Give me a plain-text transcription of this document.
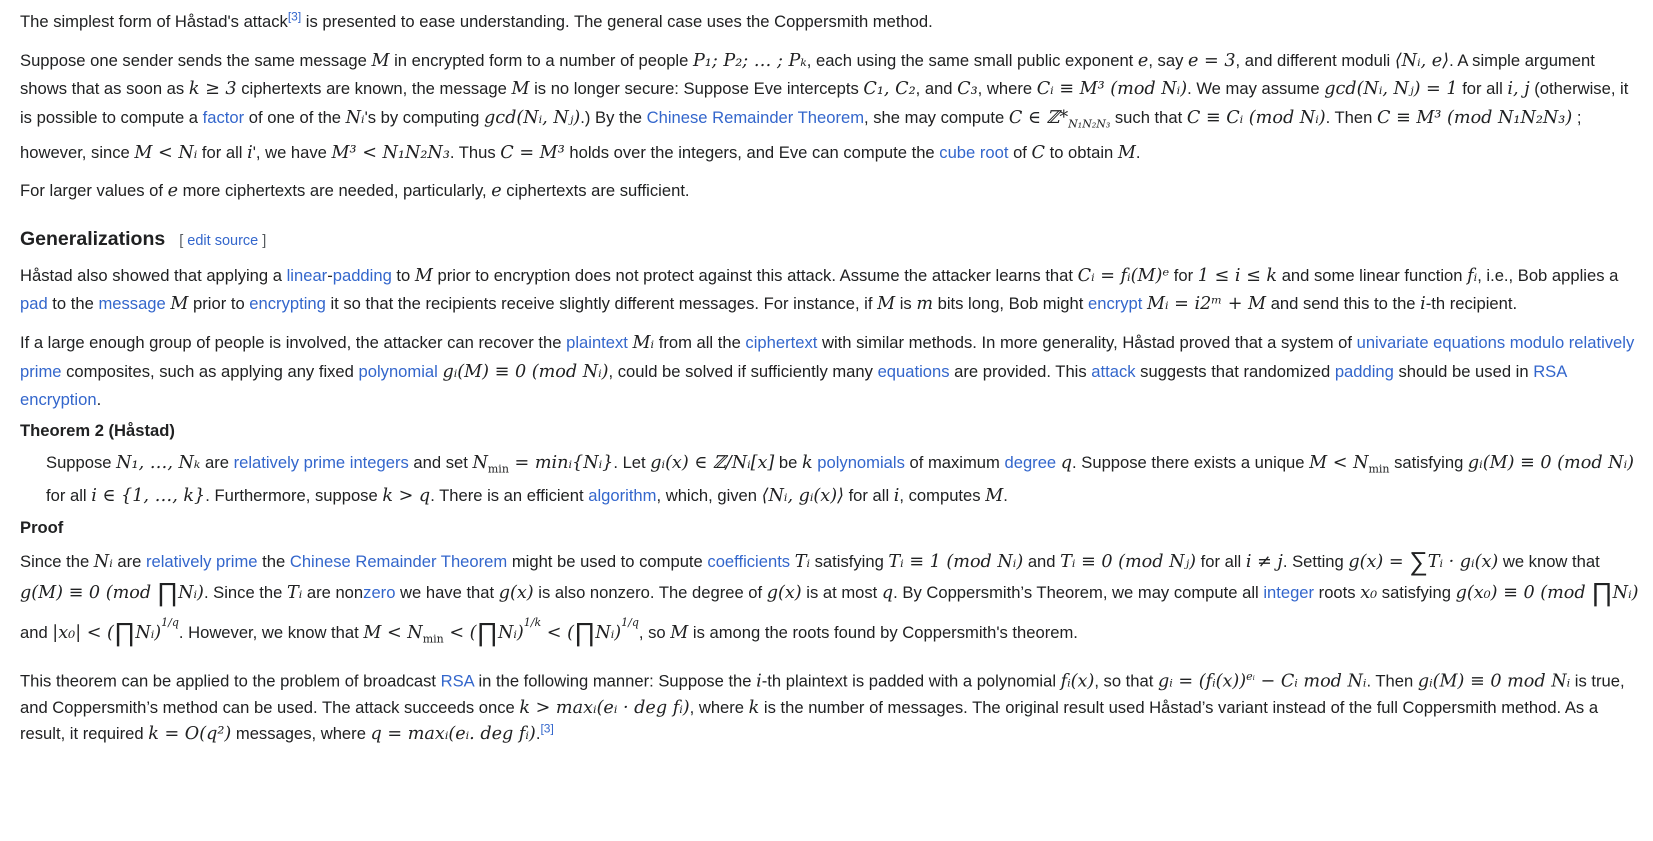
The simplest form of Håstad's attack[3] is presented to ease understanding. The general case uses the Coppersmith method.

Suppose one sender sends the same message M in encrypted form to a number of people P₁; P₂; … ; Pₖ, each using the same small public exponent e, say e = 3, and different moduli ⟨Nᵢ, e⟩. A simple argument shows that as soon as k ≥ 3 ciphertexts are known, the message M is no longer secure: Suppose Eve intercepts C₁, C₂, and C₃, where Cᵢ ≡ M³ (mod Nᵢ). We may assume gcd(Nᵢ, Nⱼ) = 1 for all i, j (otherwise, it is possible to compute a factor of one of the Nᵢ's by computing gcd(Nᵢ, Nⱼ).) By the Chinese Remainder Theorem, she may compute C ∈ $ℤ*_{N_1N_2N_3}$ such that C ≡ Cᵢ (mod Nᵢ). Then C ≡ M³ (mod N₁N₂N₃) ; however, since M < Nᵢ for all i', we have M³ < N₁N₂N₃. Thus C = M³ holds over the integers, and Eve can compute the cube root of C to obtain M.

For larger values of e more ciphertexts are needed, particularly, e ciphertexts are sufficient.

Generalizations [ edit source ]

Håstad also showed that applying a linear-padding to M prior to encryption does not protect against this attack. Assume the attacker learns that Cᵢ = fᵢ(M)ᵉ for 1 ≤ i ≤ k and some linear function fᵢ, i.e., Bob applies a pad to the message M prior to encrypting it so that the recipients receive slightly different messages. For instance, if M is m bits long, Bob might encrypt Mᵢ = i2ᵐ + M and send this to the i-th recipient.

If a large enough group of people is involved, the attacker can recover the plaintext Mᵢ from all the ciphertext with similar methods. In more generality, Håstad proved that a system of univariate equations modulo relatively prime composites, such as applying any fixed polynomial gᵢ(M) ≡ 0 (mod Nᵢ), could be solved if sufficiently many equations are provided. This attack suggests that randomized padding should be used in RSA encryption.

Theorem 2 (Håstad)

Suppose N₁, …, Nₖ are relatively prime integers and set $N_{min}$ = minᵢ{Nᵢ}. Let gᵢ(x) ∈ ℤ/Nᵢ[x] be k polynomials of maximum degree q. Suppose there exists a unique $M < N_{min}$ satisfying gᵢ(M) ≡ 0 (mod Nᵢ) for all i ∈ {1, …, k}. Furthermore, suppose k > q. There is an efficient algorithm, which, given ⟨Nᵢ, gᵢ(x)⟩ for all i, computes M.

Proof

Since the Nᵢ are relatively prime the Chinese Remainder Theorem might be used to compute coefficients Tᵢ satisfying Tᵢ ≡ 1 (mod Nᵢ) and Tᵢ ≡ 0 (mod Nⱼ) for all i ≠ j. Setting g(x) = ∑Tᵢ · gᵢ(x) we know that g(M) ≡ 0 (mod ∏Nᵢ). Since the Tᵢ are nonzero we have that g(x) is also nonzero. The degree of g(x) is at most q. By Coppersmith’s Theorem, we may compute all integer roots x₀ satisfying g(x₀) ≡ 0 (mod ∏Nᵢ) and |x₀| < (∏Nᵢ)$^{1/q}$. However, we know that $M < N_{min}$ < (∏Nᵢ)$^{1/k}$ < (∏Nᵢ)$^{1/q}$, so M is among the roots found by Coppersmith's theorem.

This theorem can be applied to the problem of broadcast RSA in the following manner: Suppose the i-th plaintext is padded with a polynomial fᵢ(x), so that gᵢ = (fᵢ(x))$^{eᵢ}$ − Cᵢ mod Nᵢ. Then gᵢ(M) ≡ 0 mod Nᵢ is true, and Coppersmith’s method can be used. The attack succeeds once k > maxᵢ(eᵢ · deg fᵢ), where k is the number of messages. The original result used Håstad’s variant instead of the full Coppersmith method. As a result, it required k = O(q²) messages, where q = maxᵢ(eᵢ. deg fᵢ).[3]
